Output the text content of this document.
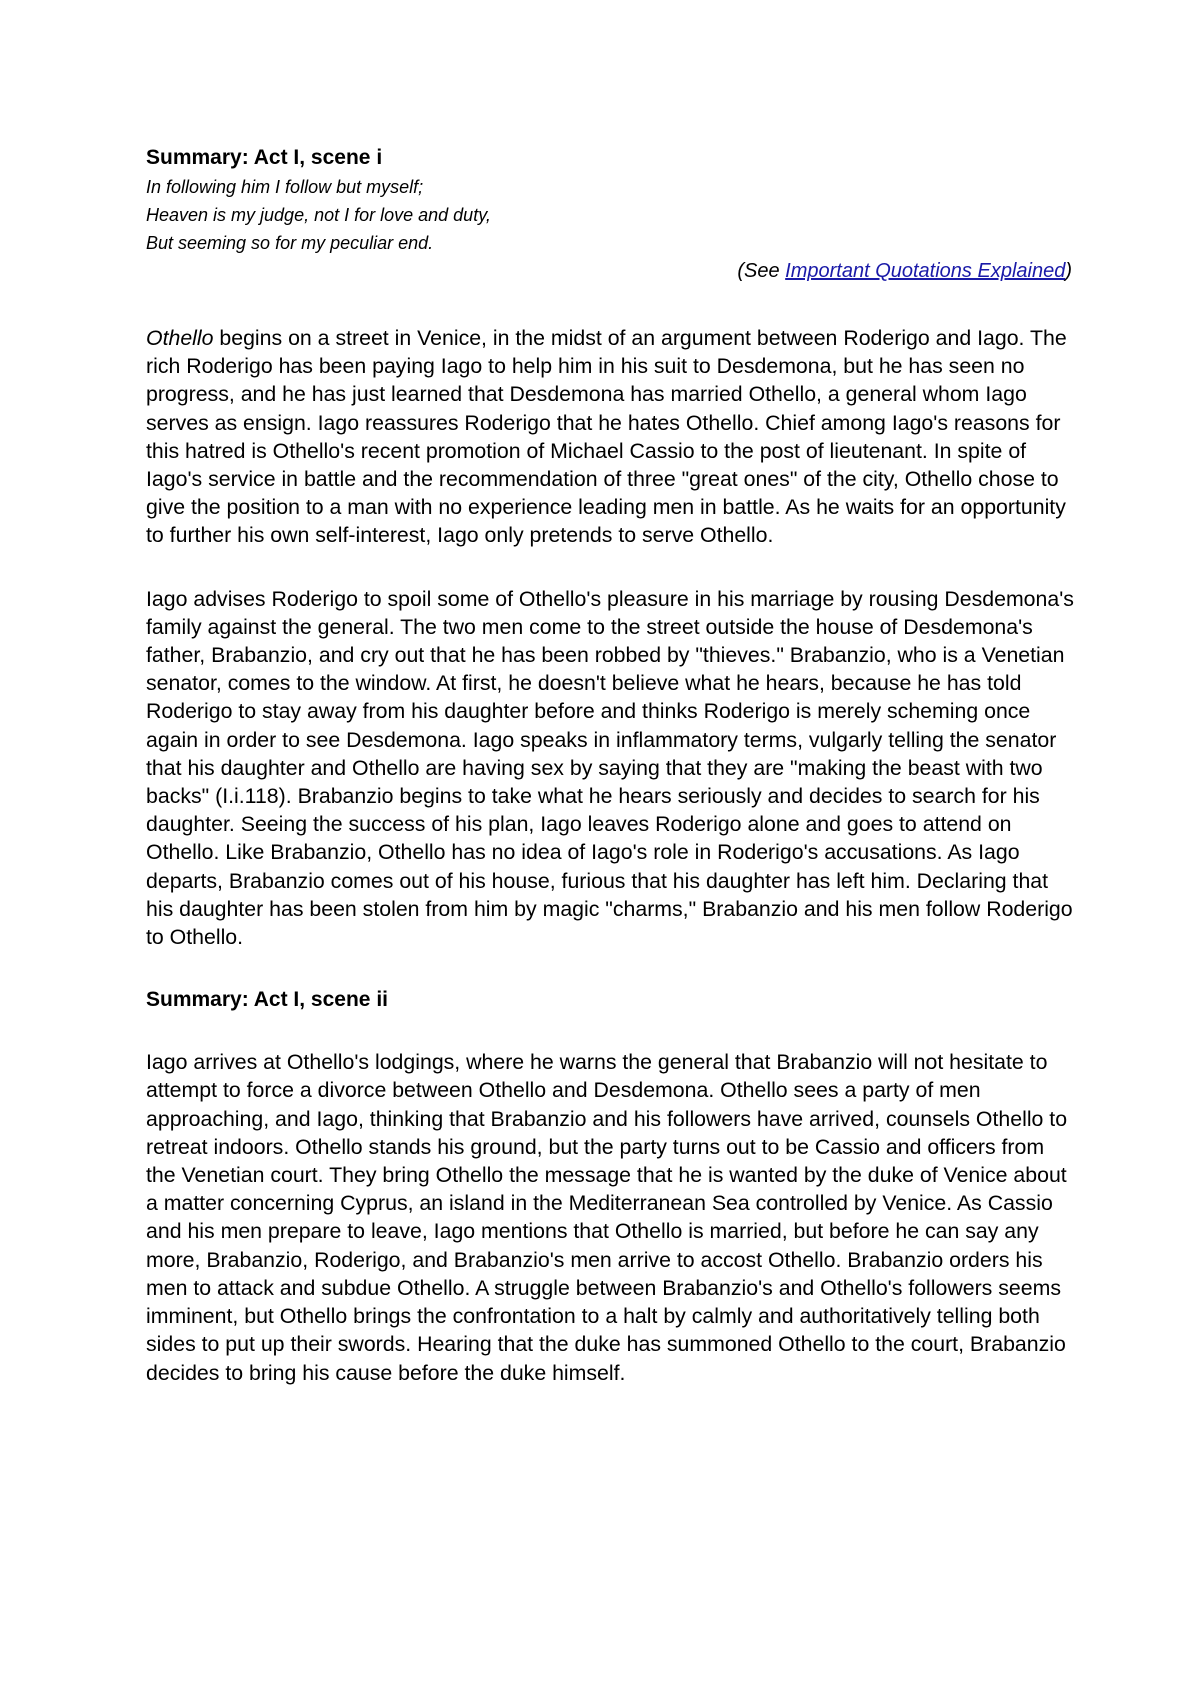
Summary: Act I, scene i

In following him I follow but myself;
Heaven is my judge, not I for love and duty,
But seeming so for my peculiar end.

(See Important Quotations Explained)

Othello begins on a street in Venice, in the midst of an argument between Roderigo and Iago. The rich Roderigo has been paying Iago to help him in his suit to Desdemona, but he has seen no progress, and he has just learned that Desdemona has married Othello, a general whom Iago serves as ensign. Iago reassures Roderigo that he hates Othello. Chief among Iago's reasons for this hatred is Othello's recent promotion of Michael Cassio to the post of lieutenant. In spite of Iago's service in battle and the recommendation of three "great ones" of the city, Othello chose to give the position to a man with no experience leading men in battle. As he waits for an opportunity to further his own self-interest, Iago only pretends to serve Othello.

Iago advises Roderigo to spoil some of Othello's pleasure in his marriage by rousing Desdemona's family against the general. The two men come to the street outside the house of Desdemona's father, Brabanzio, and cry out that he has been robbed by "thieves." Brabanzio, who is a Venetian senator, comes to the window. At first, he doesn't believe what he hears, because he has told Roderigo to stay away from his daughter before and thinks Roderigo is merely scheming once again in order to see Desdemona. Iago speaks in inflammatory terms, vulgarly telling the senator that his daughter and Othello are having sex by saying that they are "making the beast with two backs" (I.i.118). Brabanzio begins to take what he hears seriously and decides to search for his daughter. Seeing the success of his plan, Iago leaves Roderigo alone and goes to attend on Othello. Like Brabanzio, Othello has no idea of Iago's role in Roderigo's accusations. As Iago departs, Brabanzio comes out of his house, furious that his daughter has left him. Declaring that his daughter has been stolen from him by magic "charms," Brabanzio and his men follow Roderigo to Othello.

Summary: Act I, scene ii

Iago arrives at Othello's lodgings, where he warns the general that Brabanzio will not hesitate to attempt to force a divorce between Othello and Desdemona. Othello sees a party of men approaching, and Iago, thinking that Brabanzio and his followers have arrived, counsels Othello to retreat indoors. Othello stands his ground, but the party turns out to be Cassio and officers from the Venetian court. They bring Othello the message that he is wanted by the duke of Venice about a matter concerning Cyprus, an island in the Mediterranean Sea controlled by Venice. As Cassio and his men prepare to leave, Iago mentions that Othello is married, but before he can say any more, Brabanzio, Roderigo, and Brabanzio's men arrive to accost Othello. Brabanzio orders his men to attack and subdue Othello. A struggle between Brabanzio's and Othello's followers seems imminent, but Othello brings the confrontation to a halt by calmly and authoritatively telling both sides to put up their swords. Hearing that the duke has summoned Othello to the court, Brabanzio decides to bring his cause before the duke himself.
